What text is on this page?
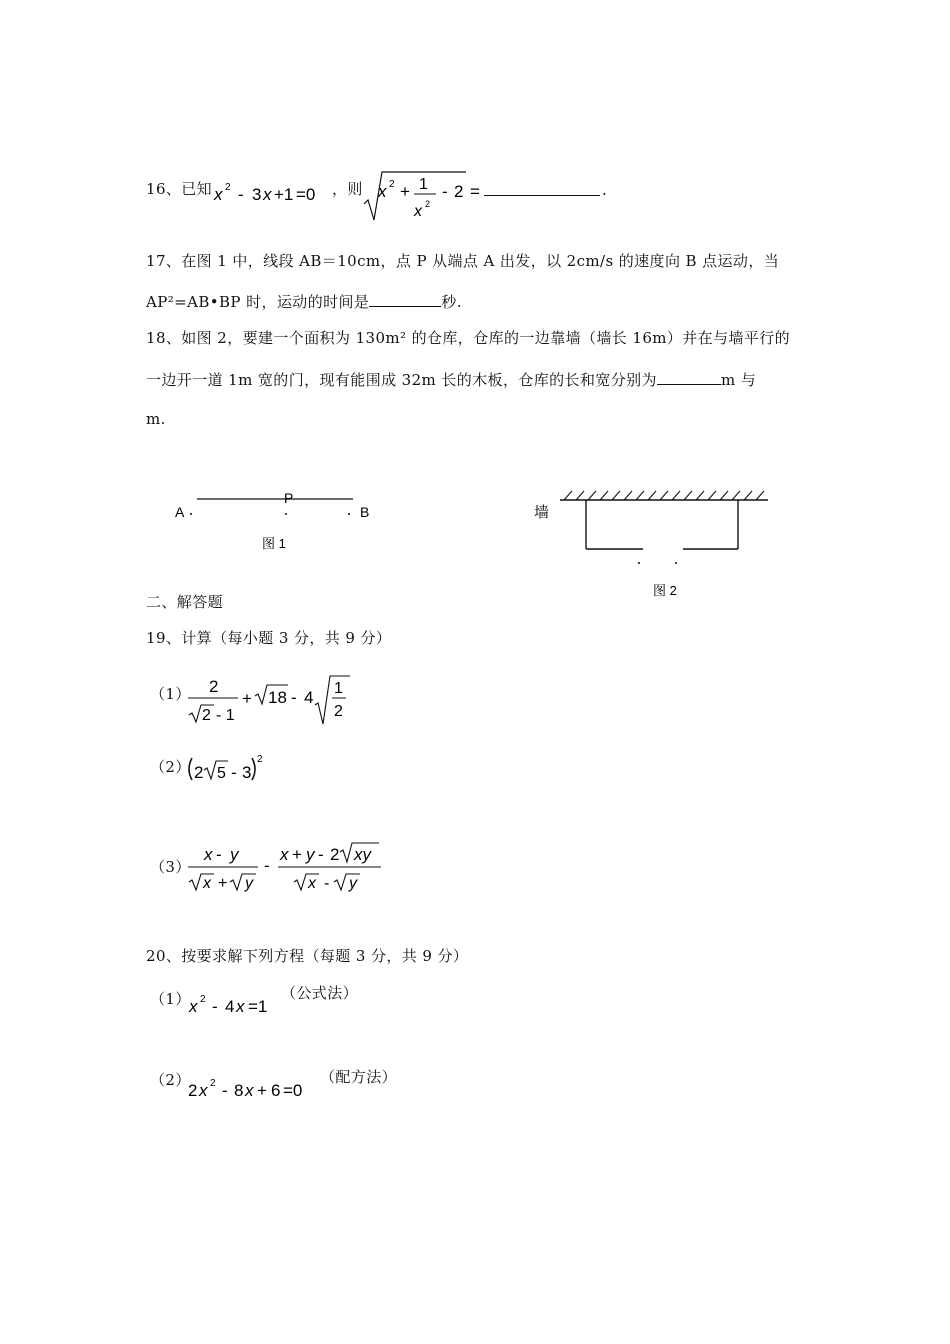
16、已知 x 2 - 3 x +1 =0 ，则 x 2 + 1
x 2
- 2 =	.
17、在图 1 中，线段 AB＝10cm，点 P 从端点 A 出发，以 2cm/s 的速度向 B 点运动，当
AP²=AB•BP 时，运动的时间是	秒.
18、如图 2，要建一个面积为 130m² 的仓库，仓库的一边靠墙（墙长 16m）并在与墙平行的
一边开一道 1m 宽的门，现有能围成 32m 长的木板，仓库的长和宽分别为	m 与
m.
A
P
B
图 1
墙
图 2
二、解答题
19、计算（每小题 3 分，共 9 分）
（1） 2
2 - 1
+ 18 - 4 1
2
（2） 2 5 - 3
2
（3）
x - y
x + y
-
x + y - 2 xy
x - y
20、按要求解下列方程（每题 3 分，共 9 分）
（1）
x 2 - 4 x =1
（公式法）
（2）
2 x 2 - 8 x + 6 =0
（配方法）
